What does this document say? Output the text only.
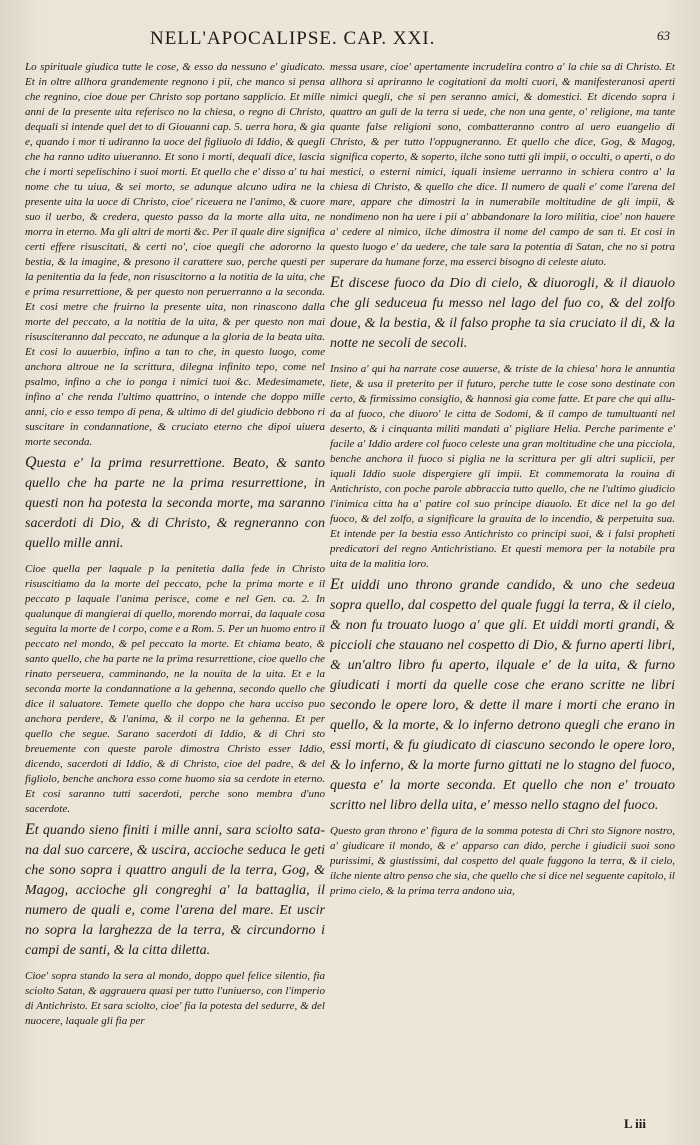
NELL'APOCALIPSE. CAP. XXI.	63
Lo spirituale giudica tutte le cose, & esso da nessuno e' giudicato. Et in oltre allhora grandemente regnono i pii, che manco si pensa che regnino, cioe doue per Christo sop portano sapplicio. Et mille anni de la presente uita referisco no la chiesa, o regno di Christo, dequali si intende quel det to di Giouanni cap. 5. uerra hora, & gia e, quando i mor ti udiranno la uoce del figliuolo di Iddio, & quegli che ha ranno udito uiueranno. Et sono i morti, dequali dice, lascia che i morti sepelischino i suoi morti. Et quello che e' disso a' tu hai nome che tu uiua, & sei morto, se adunque alcuno udira ne la presente uita la uoce di Christo, cioe' riceuera ne l'animo, & cuore suo il uerbo, & credera, questo passo da la morte alla uita, ne morra in eterno. Ma gli altri de morti &c. Per il quale dire significa certi effere risuscitati, & certi no', cioe quegli che adororno la bestia, & la imagine, & presono il carattere suo, perche questi per la penitentia da la fede, non risuscitorno a la notitia de la uita, che e prima resurrettione, & per questo non peruerranno a la seconda. Et cosi metre che fruirno la presente uita, non rinascono dalla morte del peccato, a la notitia de la uita, & per questo non mai risusciteranno dal peccato, ne adunque a la gloria de la beata uita. Et cosi lo auuerbio, infino a tan to che, in questo luogo, come anchora altroue ne la scrittura, dilegna infinito tepo, come nel psalmo, infino a che io ponga i nimici tuoi &c. Medesimamete, infino a' che renda l'ultimo quattrino, o intende che doppo mille anni, cio e esso tempo di pena, & ultimo di del giudicio debbono ri suscitare in condannatione, & cruciato eterno che dipoi uiuera morte seconda.
Questa e' la prima resurrettione. Beato, & santo quello che ha parte ne la prima resurrettione, in questi non ha potesta la seconda morte, ma saranno sacerdoti di Dio, & di Christo, & regneranno con quello mille anni.
Cioe quella per laquale p la penitetia dalla fede in Christo risuscitiamo da la morte del peccato, pche la prima morte e il peccato p laquale l'anima perisce, come e nel Gen. ca. 2. In qualunque di mangierai di quello, morendo morrai, da laquale cosa seguita la morte de l corpo, come e a Rom. 5. Per un huomo entro il peccato nel mondo, & pel peccato la morte. Et chiama beato, & santo quello, che ha parte ne la prima resurrettione, cioe quello che rinato perseuera, camminando, ne la nouita de la uita. Et e la seconda morte la condannatione a la gehenna, secondo quello che dice il saluatore. Temete quello che doppo che hara ucciso puo anchora perdere, & l'anima, & il corpo ne la gehenna. Et per quello che segue. Sarano sacerdoti di Iddio, & di Chri sto breuemente con queste parole dimostra Christo esser Iddio, dicendo, sacerdoti di Iddio, & di Christo, cioe del padre, & del figliolo, benche anchora esso come huomo sia sa cerdote in eterno. Et cosi saranno tutti sacerdoti, perche sono membra d'uno sacerdote.
Et quando sieno finiti i mille anni, sara sciolto satana dal suo carcere, & uscira, accioche seduca le geti che sono sopra i quattro anguli de la terra, Gog, & Magog, accioche gli congreghi a' la battaglia, il numero de quali e, come l'arena del mare. Et uscir no sopra la larghezza de la terra, & circundorno i campi de santi, & la citta diletta.
Cioe' sopra stando la sera al mondo, doppo quel felice silentio, fia sciolto Satan, & aggrauera quasi per tutto l'uniuerso, con l'imperio di Antichristo. Et sara sciolto, cioe' fia la potesta del sedurre, & del nuocere, laquale gli fia per
messa usare, cioe' apertamente incrudelira contro a' la chie sa di Christo. Et allhora si apriranno le cogitationi da molti cuori, & manifesteranosi aperti nimici quegli, che si pen seranno amici, & domestici. Et dicendo sopra i quattro an guli de la terra si uede, che non una gente, o' religione, ma tante quante false religioni sono, combatteranno contro al uero euangelio di Christo, & per tutto l'oppugneranno. Et quello che dice, Gog, & Magog, significa coperto, & soperto, ilche sono tutti gli impii, o occulti, o aperti, o do mestici, o esterni nimici, iquali insieme uerranno in schiera contro a' la chiesa di Christo, & quello che dice. Il numero de quali e' come l'arena del mare, appare che dimostri la in numerabile moltitudine de gli impii, & nondimeno non ha uere i pii a' abbandonare la loro militia, cioe' non hauere a' cedere al nimico, ilche dimostra il nome del campo de san ti. Et cosi in questo luogo e' da uedere, che tale sara la potentia di Satan, che no si potra superare da humane forze, ma esserci bisogno di celeste aiuto.
Et discese fuoco da Dio di cielo, & diuorogli, & il diauolo che gli seduceua fu messo nel lago del fuo co, & del zolfo doue, & la bestia, & il falso prophe ta sia cruciato il di, & la notte ne secoli de secoli.
Insino a' qui ha narrate cose auuerse, & triste de la chiesa' hora le annuntia liete, & usa il preterito per il futuro, perche tutte le cose sono destinate con certo, & firmissimo consiglio, & hannosi gia come fatte. Et pare che qui alluda al fuoco, che diuoro' le citta de Sodomi, & il campo de tumultuanti nel deserto, & i cinquanta militi mandati a' pigliare Helia. Perche parimente e' facile a' Iddio ardere col fuoco celeste una gran moltitudine che una picciola, benche anchora il fuoco si piglia ne la scrittura per gli altri suplicii, per iquali Iddio suole dispergiere gli impii. Et commemorata la rouina di Antichristo, con poche parole abbraccia tutto quello, che ne l'ultimo giudicio l'inimica citta ha a' patire col suo principe diauolo. Et dice nel la go del fuoco, & del zolfo, a significare la grauita de lo incendio, & perpetuita sua. Et intende per la bestia esso Antichristo co principi suoi, & i falsi propheti predicatori del regno Antichristiano. Et questi memora per la notabile pra uita de la malitia loro.
Et uiddi uno throno grande candido, & uno che sedeua sopra quello, dal cospetto del quale fuggi la terra, & il cielo, & non fu trouato luogo a' que gli. Et uiddi morti grandi, & piccioli che stauano nel cospetto di Dio, & furno aperti libri, & un'altro libro fu aperto, ilquale e' de la uita, & furno giudicati i morti da quelle cose che erano scritte ne libri secondo le opere loro, & dette il mare i morti che erano in quello, & la morte, & lo inferno detrono quegli che erano in essi morti, & fu giudicato di ciascuno secondo le opere loro, & lo inferno, & la morte furno gittati ne lo stagno del fuoco, questa e' la morte seconda. Et quello che non e' trouato scritto nel libro della uita, e' messo nello stagno del fuoco.
Questo gran throno e' figura de la somma potesta di Chri sto Signore nostro, a' giudicare il mondo, & e' apparso can dido, perche i giudicii suoi sono purissimi, & giustissimi, dal cospetto del quale fuggono la terra, & il cielo, ilche niente altro penso che sia, che quello che si dice nel seguente capitolo, il primo cielo, & la prima terra andono uia,
L iii
